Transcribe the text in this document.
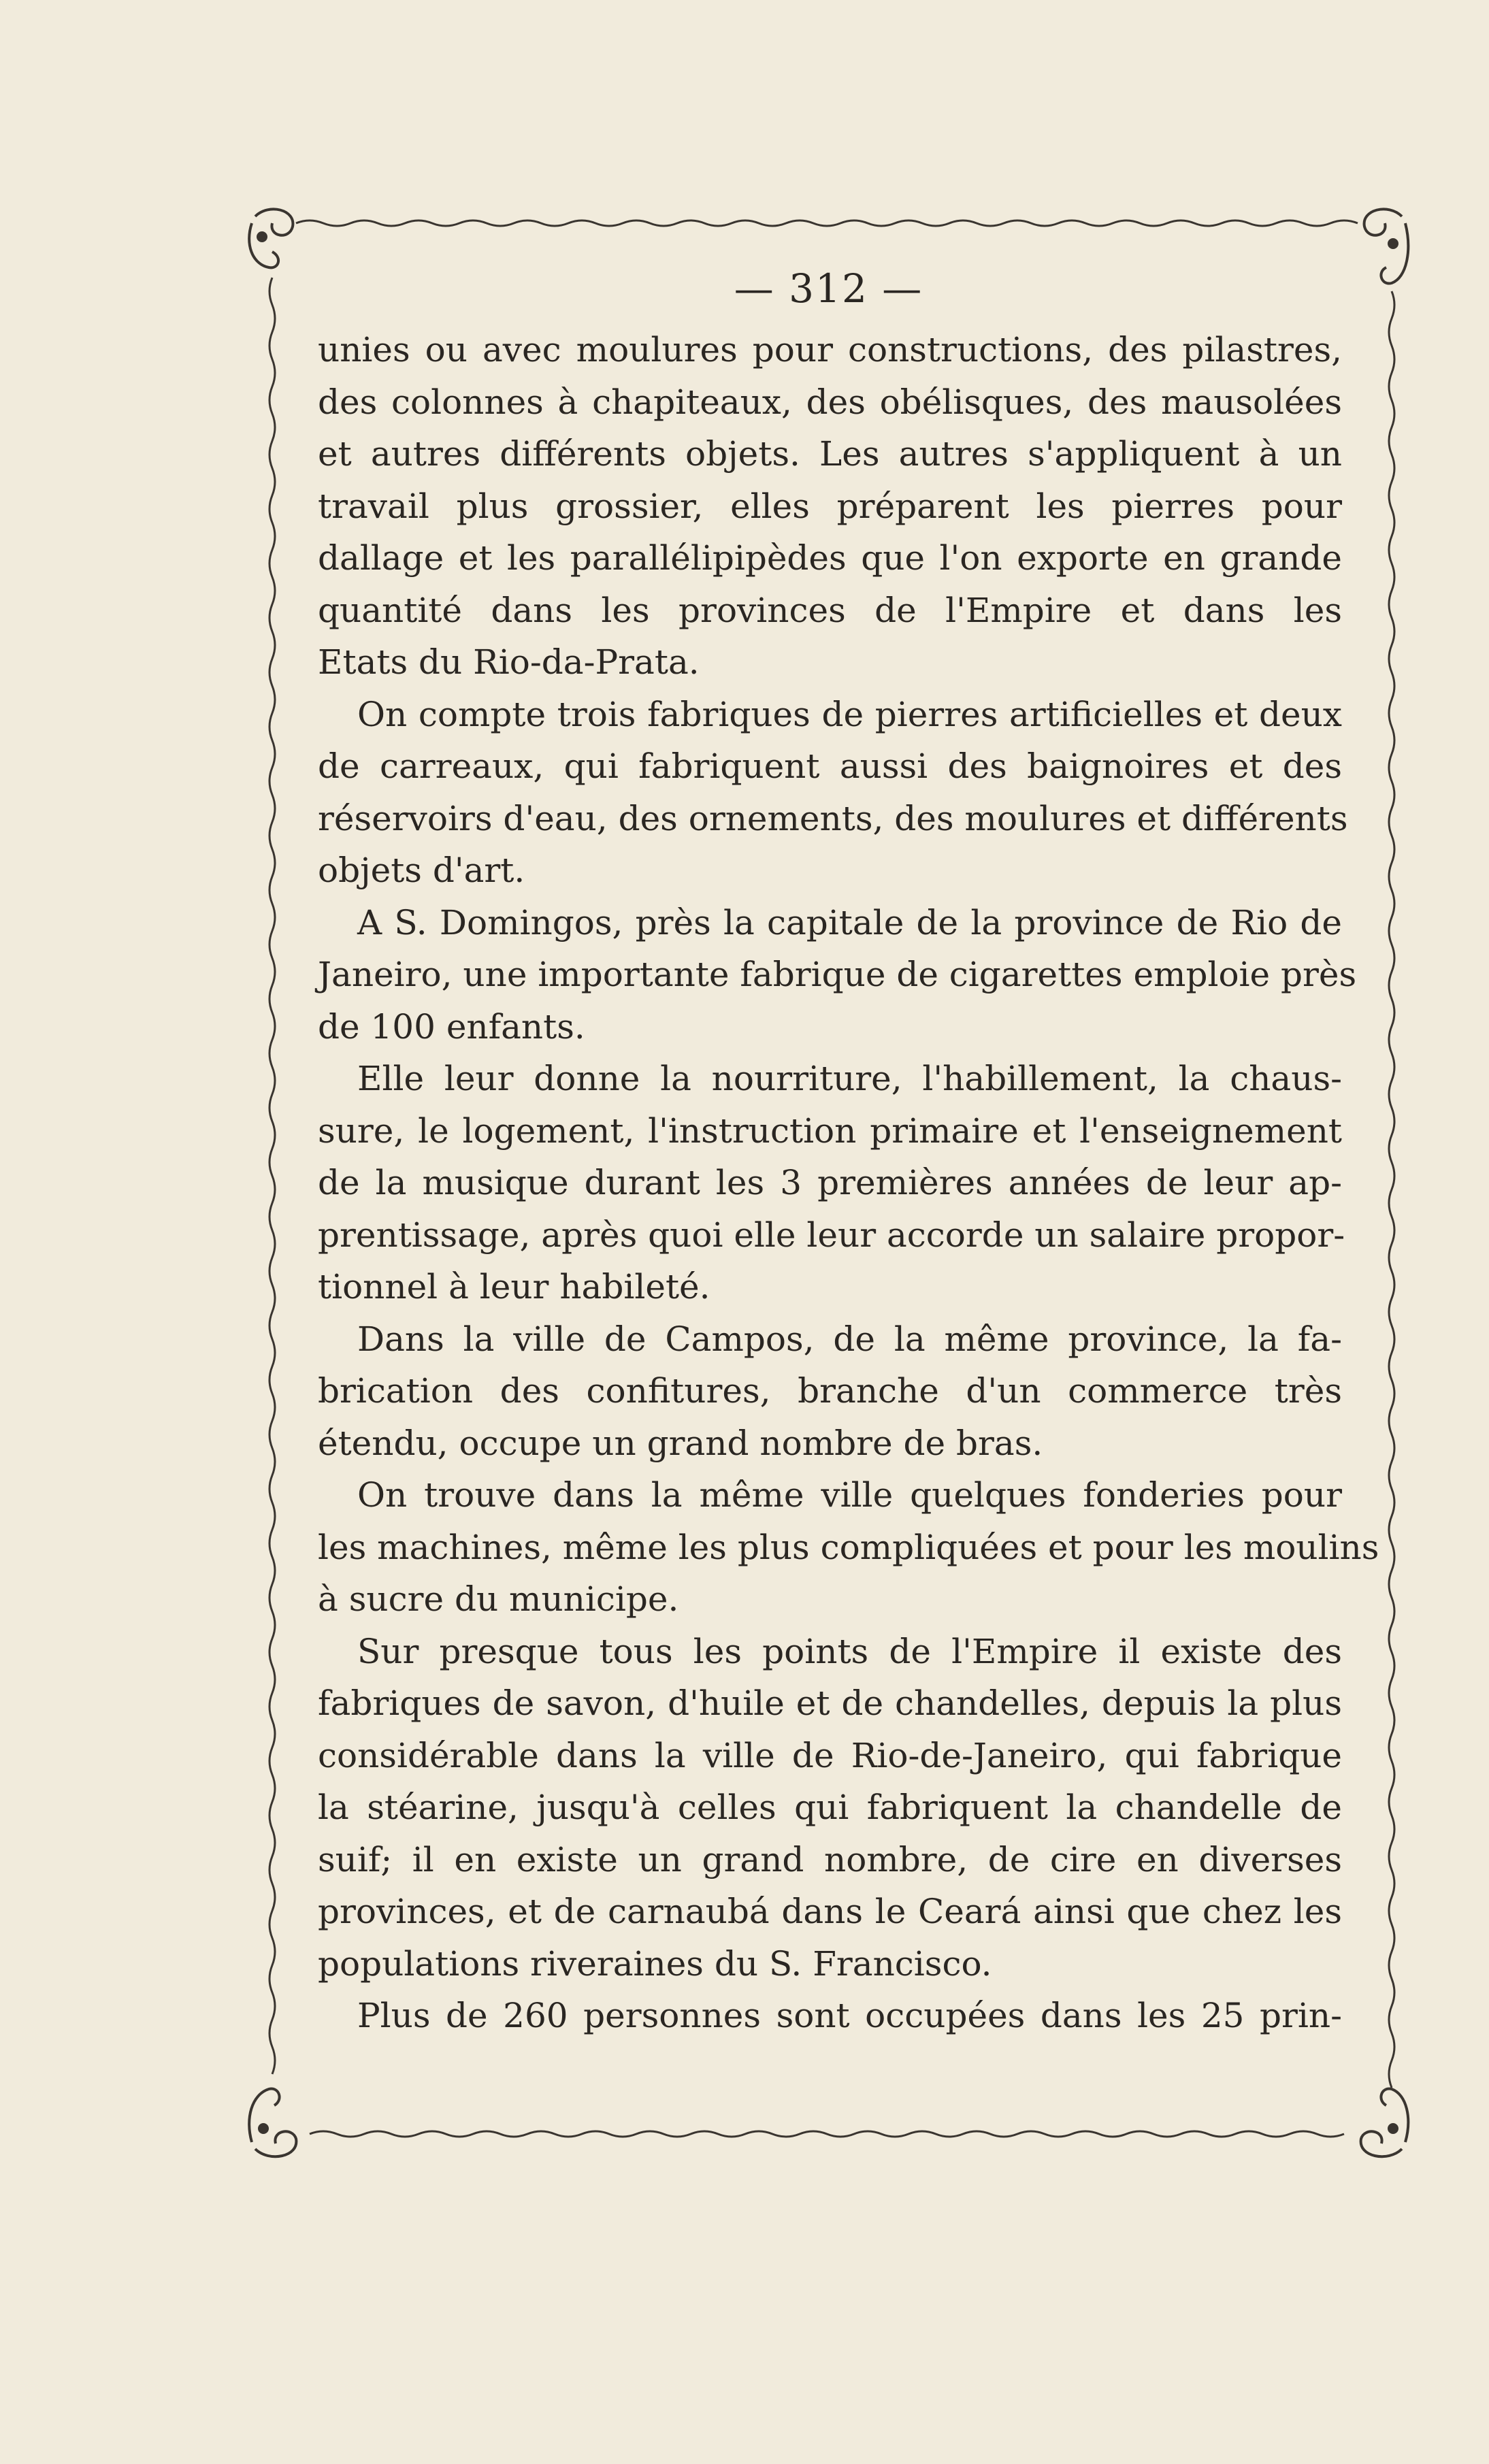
— 312 —

unies ou avec moulures pour constructions, des pilastres,
des colonnes à chapiteaux, des obélisques, des mausolées
et autres différents objets. Les autres s'appliquent à un
travail plus grossier, elles préparent les pierres pour
dallage et les parallélipipèdes que l'on exporte en grande
quantité dans les provinces de l'Empire et dans les
Etats du Rio-da-Prata.
On compte trois fabriques de pierres artificielles et deux
de carreaux, qui fabriquent aussi des baignoires et des
réservoirs d'eau, des ornements, des moulures et différents
objets d'art.
A S. Domingos, près la capitale de la province de Rio de
Janeiro, une importante fabrique de cigarettes emploie près
de 100 enfants.
Elle leur donne la nourriture, l'habillement, la chaus-
sure, le logement, l'instruction primaire et l'enseignement
de la musique durant les 3 premières années de leur ap-
prentissage, après quoi elle leur accorde un salaire propor-
tionnel à leur habileté.
Dans la ville de Campos, de la même province, la fa-
brication des confitures, branche d'un commerce très
étendu, occupe un grand nombre de bras.
On trouve dans la même ville quelques fonderies pour
les machines, même les plus compliquées et pour les moulins
à sucre du municipe.
Sur presque tous les points de l'Empire il existe des
fabriques de savon, d'huile et de chandelles, depuis la plus
considérable dans la ville de Rio-de-Janeiro, qui fabrique
la stéarine, jusqu'à celles qui fabriquent la chandelle de
suif; il en existe un grand nombre, de cire en diverses
provinces, et de carnaubá dans le Ceará ainsi que chez les
populations riveraines du S. Francisco.
Plus de 260 personnes sont occupées dans les 25 prin-
